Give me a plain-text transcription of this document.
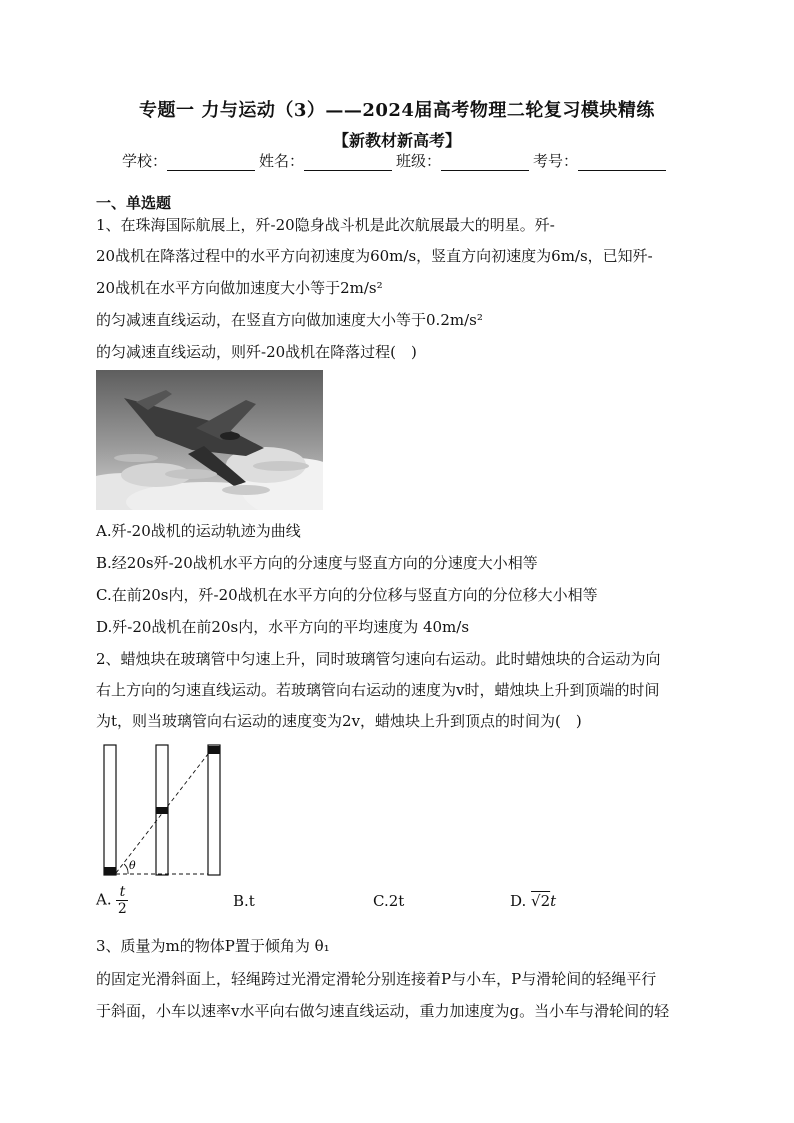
专题一 力与运动（3）——2024届高考物理二轮复习模块精练
【新教材新高考】
学校：	姓名：	班级：	考号：
一、单选题
1、在珠海国际航展上，歼-20隐身战斗机是此次航展最大的明星。歼-
20战机在降落过程中的水平方向初速度为60m/s，竖直方向初速度为6m/s，已知歼-
20战机在水平方向做加速度大小等于2m/s²
的匀减速直线运动，在竖直方向做加速度大小等于0.2m/s²
的匀减速直线运动，则歼-20战机在降落过程(　)
A.歼-20战机的运动轨迹为曲线
B.经20s歼-20战机水平方向的分速度与竖直方向的分速度大小相等
C.在前20s内，歼-20战机在水平方向的分位移与竖直方向的分位移大小相等
D.歼-20战机在前20s内，水平方向的平均速度为 40m/s
2、蜡烛块在玻璃管中匀速上升，同时玻璃管匀速向右运动。此时蜡烛块的合运动为向
右上方向的匀速直线运动。若玻璃管向右运动的速度为v时，蜡烛块上升到顶端的时间
为t，则当玻璃管向右运动的速度变为2v，蜡烛块上升到顶点的时间为(　)
θ
A. $\frac{t}{2}$	B.t	C.2t	D. √2t
3、质量为m的物体P置于倾角为 θ₁
的固定光滑斜面上，轻绳跨过光滑定滑轮分别连接着P与小车，P与滑轮间的轻绳平行
于斜面，小车以速率v水平向右做匀速直线运动，重力加速度为g。当小车与滑轮间的轻
